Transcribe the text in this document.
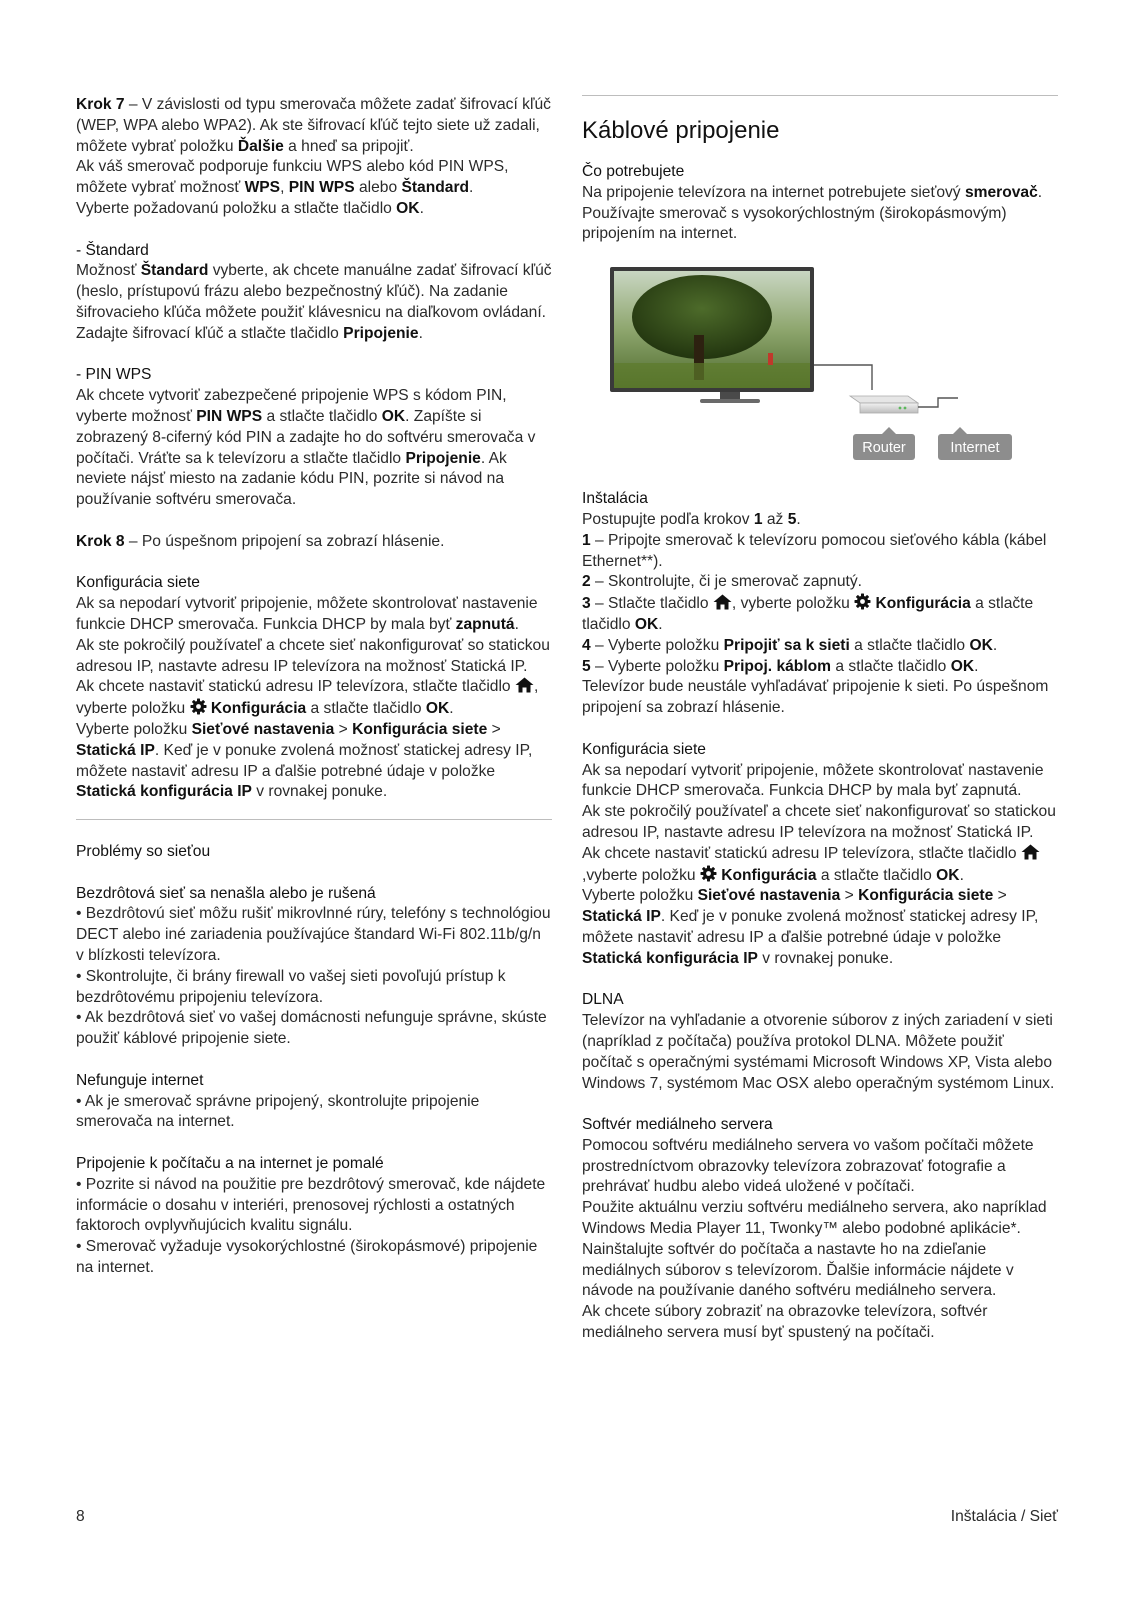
Krok 7 – V závislosti od typu smerovača môžete zadať šifrovací kľúč (WEP, WPA alebo WPA2). Ak ste šifrovací kľúč tejto siete už zadali, môžete vybrať položku Ďalšie a hneď sa pripojiť.

Ak váš smerovač podporuje funkciu WPS alebo kód PIN WPS, môžete vybrať možnosť WPS, PIN WPS alebo Štandard.

Vyberte požadovanú položku a stlačte tlačidlo OK.

- Štandard

Možnosť Štandard vyberte, ak chcete manuálne zadať šifrovací kľúč (heslo, prístupovú frázu alebo bezpečnostný kľúč). Na zadanie šifrovacieho kľúča môžete použiť klávesnicu na diaľkovom ovládaní. Zadajte šifrovací kľúč a stlačte tlačidlo Pripojenie.

- PIN WPS

Ak chcete vytvoriť zabezpečené pripojenie WPS s kódom PIN, vyberte možnosť PIN WPS a stlačte tlačidlo OK. Zapíšte si zobrazený 8-ciferný kód PIN a zadajte ho do softvéru smerovača v počítači. Vráťte sa k televízoru a stlačte tlačidlo Pripojenie. Ak neviete nájsť miesto na zadanie kódu PIN, pozrite si návod na používanie softvéru smerovača.

Krok 8 – Po úspešnom pripojení sa zobrazí hlásenie.

Konfigurácia siete

Ak sa nepodarí vytvoriť pripojenie, môžete skontrolovať nastavenie funkcie DHCP smerovača. Funkcia DHCP by mala byť zapnutá.

Ak ste pokročilý používateľ a chcete sieť nakonfigurovať so statickou adresou IP, nastavte adresu IP televízora na možnosť Statická IP.

Ak chcete nastaviť statickú adresu IP televízora, stlačte tlačidlo , vyberte položku  Konfigurácia a stlačte tlačidlo OK.

Vyberte položku Sieťové nastavenia > Konfigurácia siete > Statická IP. Keď je v ponuke zvolená možnosť statickej adresy IP, môžete nastaviť adresu IP a ďalšie potrebné údaje v položke Statická konfigurácia IP v rovnakej ponuke.

Problémy so sieťou

Bezdrôtová sieť sa nenašla alebo je rušená

• Bezdrôtovú sieť môžu rušiť mikrovlnné rúry, telefóny s technológiou DECT alebo iné zariadenia používajúce štandard Wi-Fi 802.11b/g/n v blízkosti televízora.

• Skontrolujte, či brány firewall vo vašej sieti povoľujú prístup k bezdrôtovému pripojeniu televízora.

• Ak bezdrôtová sieť vo vašej domácnosti nefunguje správne, skúste použiť káblové pripojenie siete.

Nefunguje internet

• Ak je smerovač správne pripojený, skontrolujte pripojenie smerovača na internet.

Pripojenie k počítaču a na internet je pomalé

• Pozrite si návod na použitie pre bezdrôtový smerovač, kde nájdete informácie o dosahu v interiéri, prenosovej rýchlosti a ostatných faktoroch ovplyvňujúcich kvalitu signálu.

• Smerovač vyžaduje vysokorýchlostné (širokopásmové) pripojenie na internet.

Káblové pripojenie

Čo potrebujete

Na pripojenie televízora na internet potrebujete sieťový smerovač. Používajte smerovač s vysokorýchlostným (širokopásmovým) pripojením na internet.

Router	Internet

Inštalácia

Postupujte podľa krokov 1 až 5.

1 – Pripojte smerovač k televízoru pomocou sieťového kábla (kábel Ethernet**).

2 – Skontrolujte, či je smerovač zapnutý.

3 – Stlačte tlačidlo , vyberte položku  Konfigurácia a stlačte tlačidlo OK.

4 – Vyberte položku Pripojiť sa k sieti a stlačte tlačidlo OK.

5 – Vyberte položku Pripoj. káblom a stlačte tlačidlo OK.

Televízor bude neustále vyhľadávať pripojenie k sieti. Po úspešnom pripojení sa zobrazí hlásenie.

Konfigurácia siete

Ak sa nepodarí vytvoriť pripojenie, môžete skontrolovať nastavenie funkcie DHCP smerovača. Funkcia DHCP by mala byť zapnutá.

Ak ste pokročilý používateľ a chcete sieť nakonfigurovať so statickou adresou IP, nastavte adresu IP televízora na možnosť Statická IP.

Ak chcete nastaviť statickú adresu IP televízora, stlačte tlačidlo ,vyberte položku  Konfigurácia a stlačte tlačidlo OK.

Vyberte položku Sieťové nastavenia > Konfigurácia siete > Statická IP. Keď je v ponuke zvolená možnosť statickej adresy IP, môžete nastaviť adresu IP a ďalšie potrebné údaje v položke Statická konfigurácia IP v rovnakej ponuke.

DLNA

Televízor na vyhľadanie a otvorenie súborov z iných zariadení v sieti (napríklad z počítača) používa protokol DLNA. Môžete použiť počítač s operačnými systémami Microsoft Windows XP, Vista alebo Windows 7, systémom Mac OSX alebo operačným systémom Linux.

Softvér mediálneho servera

Pomocou softvéru mediálneho servera vo vašom počítači môžete prostredníctvom obrazovky televízora zobrazovať fotografie a prehrávať hudbu alebo videá uložené v počítači.

Použite aktuálnu verziu softvéru mediálneho servera, ako napríklad Windows Media Player 11, Twonky™ alebo podobné aplikácie*.

Nainštalujte softvér do počítača a nastavte ho na zdieľanie mediálnych súborov s televízorom. Ďalšie informácie nájdete v návode na používanie daného softvéru mediálneho servera.

Ak chcete súbory zobraziť na obrazovke televízora, softvér mediálneho servera musí byť spustený na počítači.

8	Inštalácia / Sieť
